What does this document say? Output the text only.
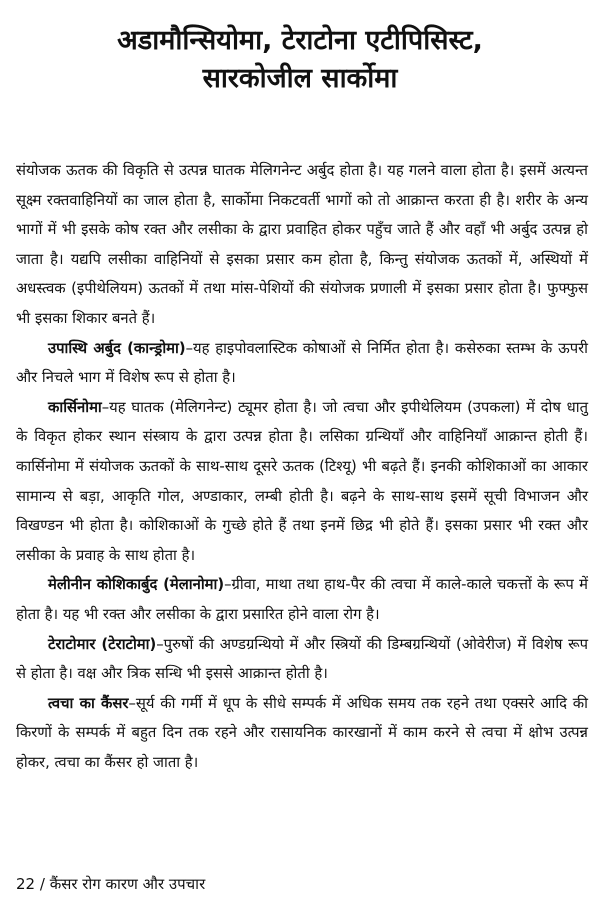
अडामौन्सियोमा, टेराटोना एटीपिसिस्ट,
सारकोजील सार्कोमा

संयोजक ऊतक की विकृति से उत्पन्न घातक मेलिगनेन्ट अर्बुद होता है। यह गलने वाला होता है। इसमें अत्यन्त सूक्ष्म रक्तवाहिनियों का जाल होता है, सार्कोमा निकटवर्ती भागों को तो आक्रान्त करता ही है। शरीर के अन्य भागों में भी इसके कोष रक्त और लसीका के द्वारा प्रवाहित होकर पहुँच जाते हैं और वहाँ भी अर्बुद उत्पन्न हो जाता है। यद्यपि लसीका वाहिनियों से इसका प्रसार कम होता है, किन्तु संयोजक ऊतकों में, अस्थियों में अधस्त्वक (इपीथेलियम) ऊतकों में तथा मांस-पेशियों की संयोजक प्रणाली में इसका प्रसार होता है। फुफ्फुस भी इसका शिकार बनते हैं।

उपास्थि अर्बुद (कान्ड्रोमा)–यह हाइपोवलास्टिक कोषाओं से निर्मित होता है। कसेरुका स्तम्भ के ऊपरी और निचले भाग में विशेष रूप से होता है।

कार्सिनोमा–यह घातक (मेलिगनेन्ट) ट्यूमर होता है। जो त्वचा और इपीथेलियम (उपकला) में दोष धातु के विकृत होकर स्थान संस्त्राय के द्वारा उत्पन्न होता है। लसिका ग्रन्थियाँ और वाहिनियाँ आक्रान्त होती हैं। कार्सिनोमा में संयोजक ऊतकों के साथ-साथ दूसरे ऊतक (टिश्यू) भी बढ़ते हैं। इनकी कोशिकाओं का आकार सामान्य से बड़ा, आकृति गोल, अण्डाकार, लम्बी होती है। बढ़ने के साथ-साथ इसमें सूची विभाजन और विखण्डन भी होता है। कोशिकाओं के गुच्छे होते हैं तथा इनमें छिद्र भी होते हैं। इसका प्रसार भी रक्त और लसीका के प्रवाह के साथ होता है।

मेलीनीन कोशिकार्बुद (मेलानोमा)–ग्रीवा, माथा तथा हाथ-पैर की त्वचा में काले-काले चकत्तों के रूप में होता है। यह भी रक्त और लसीका के द्वारा प्रसारित होने वाला रोग है।

टेराटोमार (टेराटोमा)–पुरुषों की अण्डग्रन्थियो में और स्त्रियों की डिम्बग्रन्थियों (ओवेरीज) में विशेष रूप से होता है। वक्ष और त्रिक सन्धि भी इससे आक्रान्त होती है।

त्वचा का कैंसर–सूर्य की गर्मी में धूप के सीधे सम्पर्क में अधिक समय तक रहने तथा एक्सरे आदि की किरणों के सम्पर्क में बहुत दिन तक रहने और रासायनिक कारखानों में काम करने से त्वचा में क्षोभ उत्पन्न होकर, त्वचा का कैंसर हो जाता है।

22 / कैंसर रोग कारण और उपचार
